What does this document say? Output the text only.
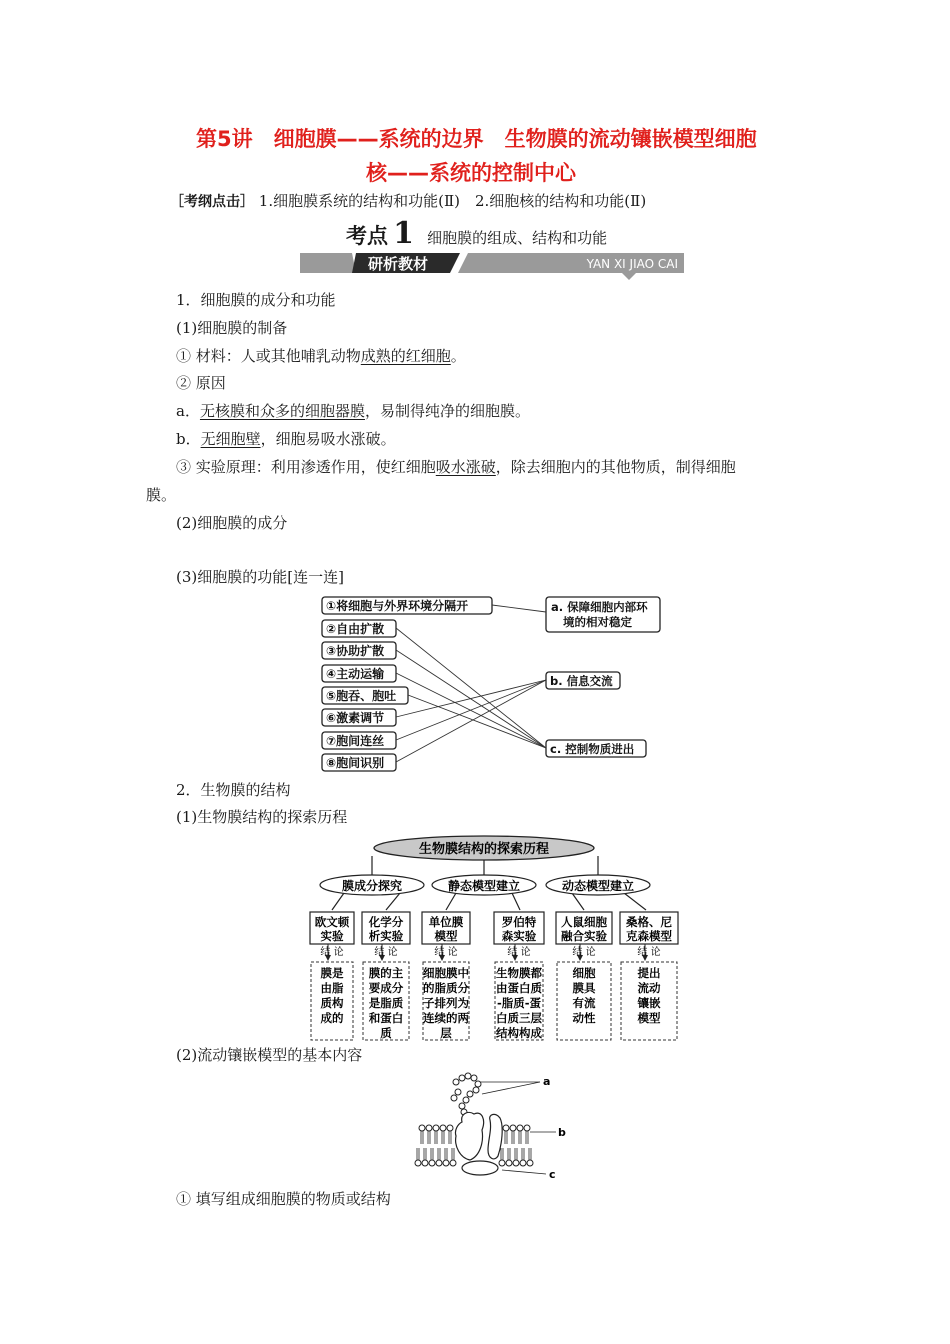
第5讲　细胞膜——系统的边界　生物膜的流动镶嵌模型细胞
核——系统的控制中心
［考纲点击］ 1.细胞膜系统的结构和功能(Ⅱ)　2.细胞核的结构和功能(Ⅱ)
考点 1 细胞膜的组成、结构和功能
研析教材	YAN XI JIAO CAI
1．细胞膜的成分和功能
(1)细胞膜的制备
① 材料：人或其他哺乳动物成熟的红细胞。
② 原因
a．无核膜和众多的细胞器膜，易制得纯净的细胞膜。
b．无细胞壁，细胞易吸水涨破。
③ 实验原理：利用渗透作用，使红细胞吸水涨破，除去细胞内的其他物质，制得细胞
膜。
(2)细胞膜的成分
(3)细胞膜的功能[连一连]
①将细胞与外界环境分隔开
②自由扩散
③协助扩散
④主动运输
⑤胞吞、胞吐
⑥激素调节
⑦胞间连丝
⑧胞间识别
a. 保障细胞内部环
境的相对稳定
b. 信息交流
c. 控制物质进出
2．生物膜的结构
(1)生物膜结构的探索历程
生物膜结构的探索历程
膜成分探究	静态模型建立	动态模型建立
欧文顿
实验
结 论
膜是
由脂
质构
成的
化学分
析实验
结 论
膜的主
要成分
是脂质
和蛋白
质
单位膜
模型
结 论
细胞膜中
的脂质分
子排列为
连续的两
层
罗伯特
森实验
结 论
生物膜都
由蛋白质
-脂质-蛋
白质三层
结构构成
人鼠细胞
融合实验
结 论
细胞
膜具
有流
动性
桑格、尼
克森模型
结 论
提出
流动
镶嵌
模型
(2)流动镶嵌模型的基本内容
a
b
c
① 填写组成细胞膜的物质或结构
